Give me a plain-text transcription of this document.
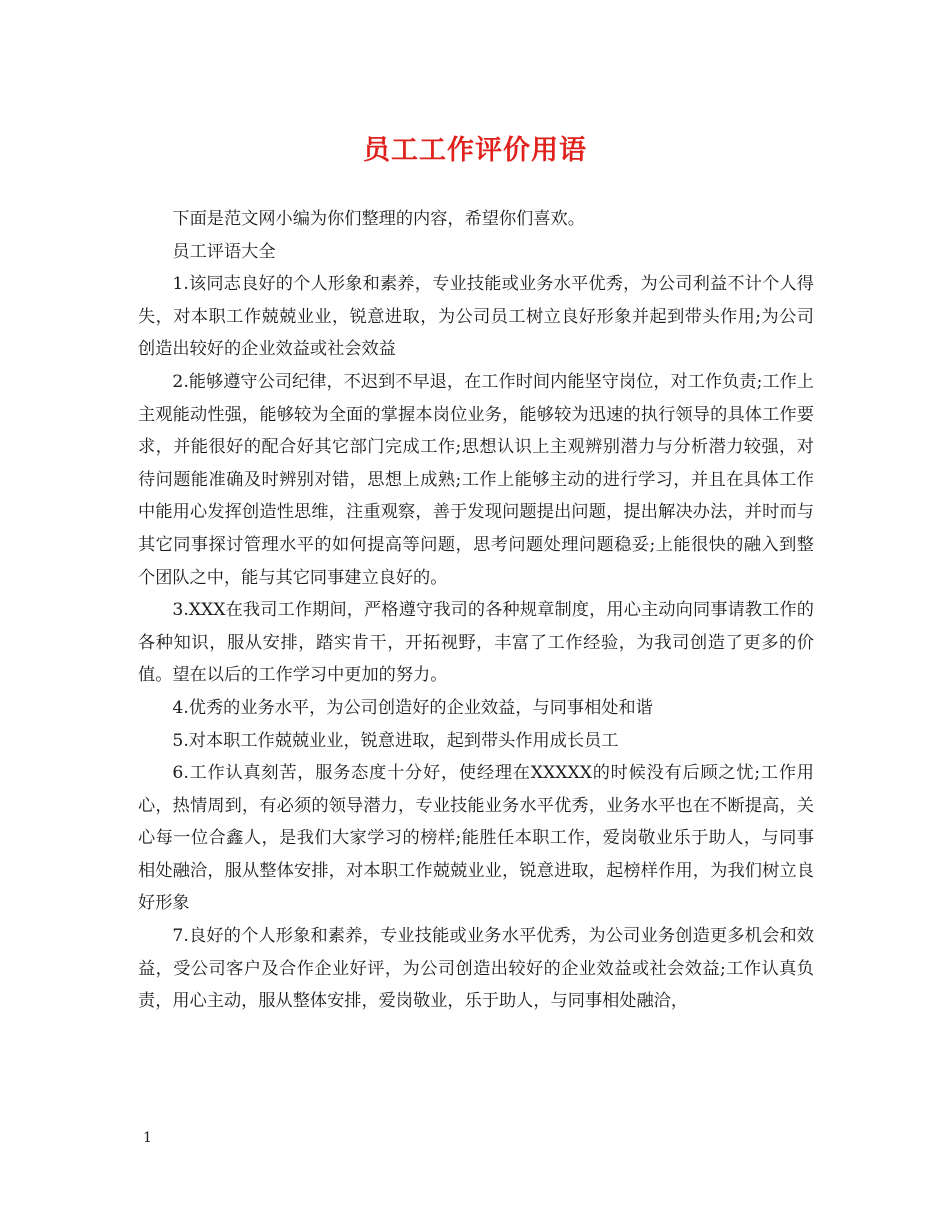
员工工作评价用语

下面是范文网小编为你们整理的内容，希望你们喜欢。

员工评语大全

1.该同志良好的个人形象和素养，专业技能或业务水平优秀，为公司利益不计个人得失，对本职工作兢兢业业，锐意进取，为公司员工树立良好形象并起到带头作用;为公司创造出较好的企业效益或社会效益

2.能够遵守公司纪律，不迟到不早退，在工作时间内能坚守岗位，对工作负责;工作上主观能动性强，能够较为全面的掌握本岗位业务，能够较为迅速的执行领导的具体工作要求，并能很好的配合好其它部门完成工作;思想认识上主观辨别潜力与分析潜力较强，对待问题能准确及时辨别对错，思想上成熟;工作上能够主动的进行学习，并且在具体工作中能用心发挥创造性思维，注重观察，善于发现问题提出问题，提出解决办法，并时而与其它同事探讨管理水平的如何提高等问题，思考问题处理问题稳妥;上能很快的融入到整个团队之中，能与其它同事建立良好的。

3.XXX在我司工作期间，严格遵守我司的各种规章制度，用心主动向同事请教工作的各种知识，服从安排，踏实肯干，开拓视野，丰富了工作经验，为我司创造了更多的价值。望在以后的工作学习中更加的努力。

4.优秀的业务水平，为公司创造好的企业效益，与同事相处和谐

5.对本职工作兢兢业业，锐意进取，起到带头作用成长员工

6.工作认真刻苦，服务态度十分好，使经理在XXXXX的时候没有后顾之忧;工作用心，热情周到，有必须的领导潜力，专业技能业务水平优秀，业务水平也在不断提高，关心每一位合鑫人，是我们大家学习的榜样;能胜任本职工作，爱岗敬业乐于助人，与同事相处融洽，服从整体安排，对本职工作兢兢业业，锐意进取，起榜样作用，为我们树立良好形象

7.良好的个人形象和素养，专业技能或业务水平优秀，为公司业务创造更多机会和效益，受公司客户及合作企业好评，为公司创造出较好的企业效益或社会效益;工作认真负责，用心主动，服从整体安排，爱岗敬业，乐于助人，与同事相处融洽，

1
